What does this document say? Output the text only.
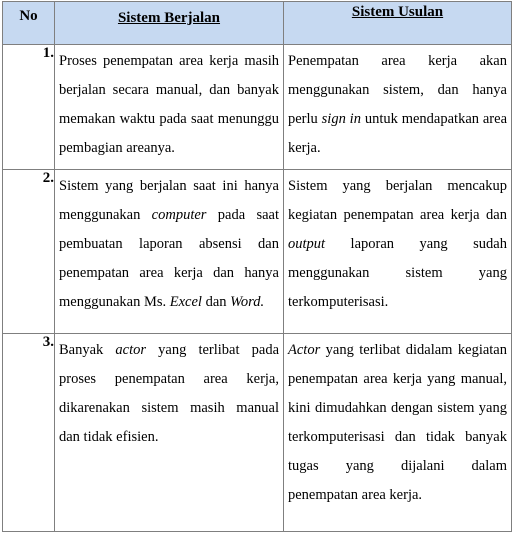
No	Sistem Berjalan	Sistem Usulan

1.	Proses penempatan area kerja masih berjalan secara manual, dan banyak memakan waktu pada saat menunggu pembagian areanya.	Penempatan area kerja akan menggunakan sistem, dan hanya perlu sign in untuk mendapatkan area kerja.

2.	Sistem yang berjalan saat ini hanya menggunakan computer pada saat pembuatan laporan absensi dan penempatan area kerja dan hanya menggunakan Ms. Excel dan Word.	Sistem yang berjalan mencakup kegiatan penempatan area kerja dan output laporan yang sudah menggunakan sistem yang terkomputerisasi.

3.	Banyak actor yang terlibat pada proses penempatan area kerja, dikarenakan sistem masih manual dan tidak efisien.	Actor yang terlibat didalam kegiatan penempatan area kerja yang manual, kini dimudahkan dengan sistem yang terkomputerisasi dan tidak banyak tugas yang dijalani dalam penempatan area kerja.
